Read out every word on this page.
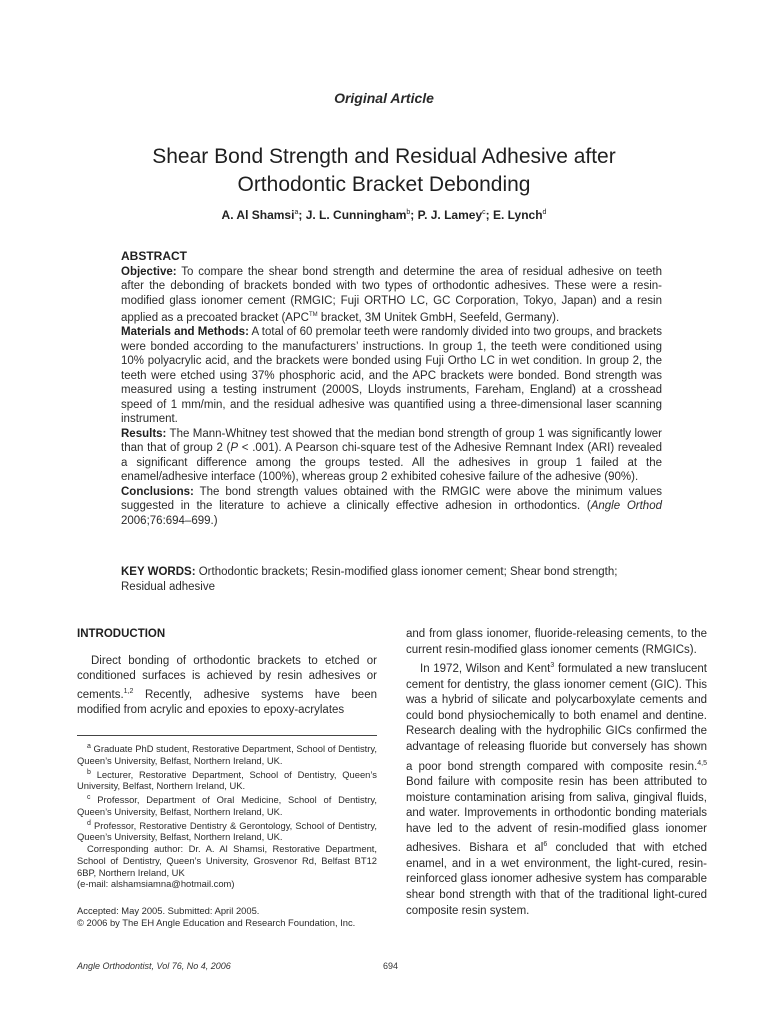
Original Article
Shear Bond Strength and Residual Adhesive after
Orthodontic Bracket Debonding
A. Al Shamsi$^a$; J. L. Cunningham$^b$; P. J. Lamey$^c$; E. Lynch$^d$
ABSTRACT

Objective: To compare the shear bond strength and determine the area of residual adhesive on teeth after the debonding of brackets bonded with two types of orthodontic adhesives. These were a resin-modified glass ionomer cement (RMGIC; Fuji ORTHO LC, GC Corporation, Tokyo, Japan) and a resin applied as a precoated bracket (APC™ bracket, 3M Unitek GmbH, Seefeld, Germany).

Materials and Methods: A total of 60 premolar teeth were randomly divided into two groups, and brackets were bonded according to the manufacturers’ instructions. In group 1, the teeth were conditioned using 10% polyacrylic acid, and the brackets were bonded using Fuji Ortho LC in wet condition. In group 2, the teeth were etched using 37% phosphoric acid, and the APC brackets were bonded. Bond strength was measured using a testing instrument (2000S, Lloyds instruments, Fareham, England) at a crosshead speed of 1 mm/min, and the residual adhesive was quantified using a three-dimensional laser scanning instrument.

Results: The Mann-Whitney test showed that the median bond strength of group 1 was significantly lower than that of group 2 (P < .001). A Pearson chi-square test of the Adhesive Remnant Index (ARI) revealed a significant difference among the groups tested. All the adhesives in group 1 failed at the enamel/adhesive interface (100%), whereas group 2 exhibited cohesive failure of the adhesive (90%).

Conclusions: The bond strength values obtained with the RMGIC were above the minimum values suggested in the literature to achieve a clinically effective adhesion in orthodontics. (Angle Orthod 2006;76:694–699.)

KEY WORDS: Orthodontic brackets; Resin-modified glass ionomer cement; Shear bond strength; Residual adhesive
INTRODUCTION

Direct bonding of orthodontic brackets to etched or conditioned surfaces is achieved by resin adhesives or cements.$^{1,2}$ Recently, adhesive systems have been modified from acrylic and epoxies to epoxy-acrylates

and from glass ionomer, fluoride-releasing cements, to the current resin-modified glass ionomer cements (RMGICs).

In 1972, Wilson and Kent$^3$ formulated a new translucent cement for dentistry, the glass ionomer cement (GIC). This was a hybrid of silicate and polycarboxylate cements and could bond physiochemically to both enamel and dentine. Research dealing with the hydrophilic GICs confirmed the advantage of releasing fluoride but conversely has shown a poor bond strength compared with composite resin.$^{4,5}$ Bond failure with composite resin has been attributed to moisture contamination arising from saliva, gingival fluids, and water. Improvements in orthodontic bonding materials have led to the advent of resin-modified glass ionomer adhesives. Bishara et $al^6$ concluded that with etched enamel, and in a wet environment, the light-cured, resin-reinforced glass ionomer adhesive system has comparable shear bond strength with that of the traditional light-cured composite resin system.

$^a$ Graduate PhD student, Restorative Department, School of Dentistry, Queen’s University, Belfast, Northern Ireland, UK.

$^b$ Lecturer, Restorative Department, School of Dentistry, Queen’s University, Belfast, Northern Ireland, UK.

$^c$ Professor, Department of Oral Medicine, School of Dentistry, Queen’s University, Belfast, Northern Ireland, UK.

$^d$ Professor, Restorative Dentistry & Gerontology, School of Dentistry, Queen’s University, Belfast, Northern Ireland, UK.

Corresponding author: Dr. A. Al Shamsi, Restorative Department, School of Dentistry, Queen’s University, Grosvenor Rd, Belfast BT12 6BP, Northern Ireland, UK

(e-mail: alshamsiamna@hotmail.com)

Accepted: May 2005. Submitted: April 2005.

© 2006 by The EH Angle Education and Research Foundation, Inc.

Angle Orthodontist, Vol 76, No 4, 2006	694
